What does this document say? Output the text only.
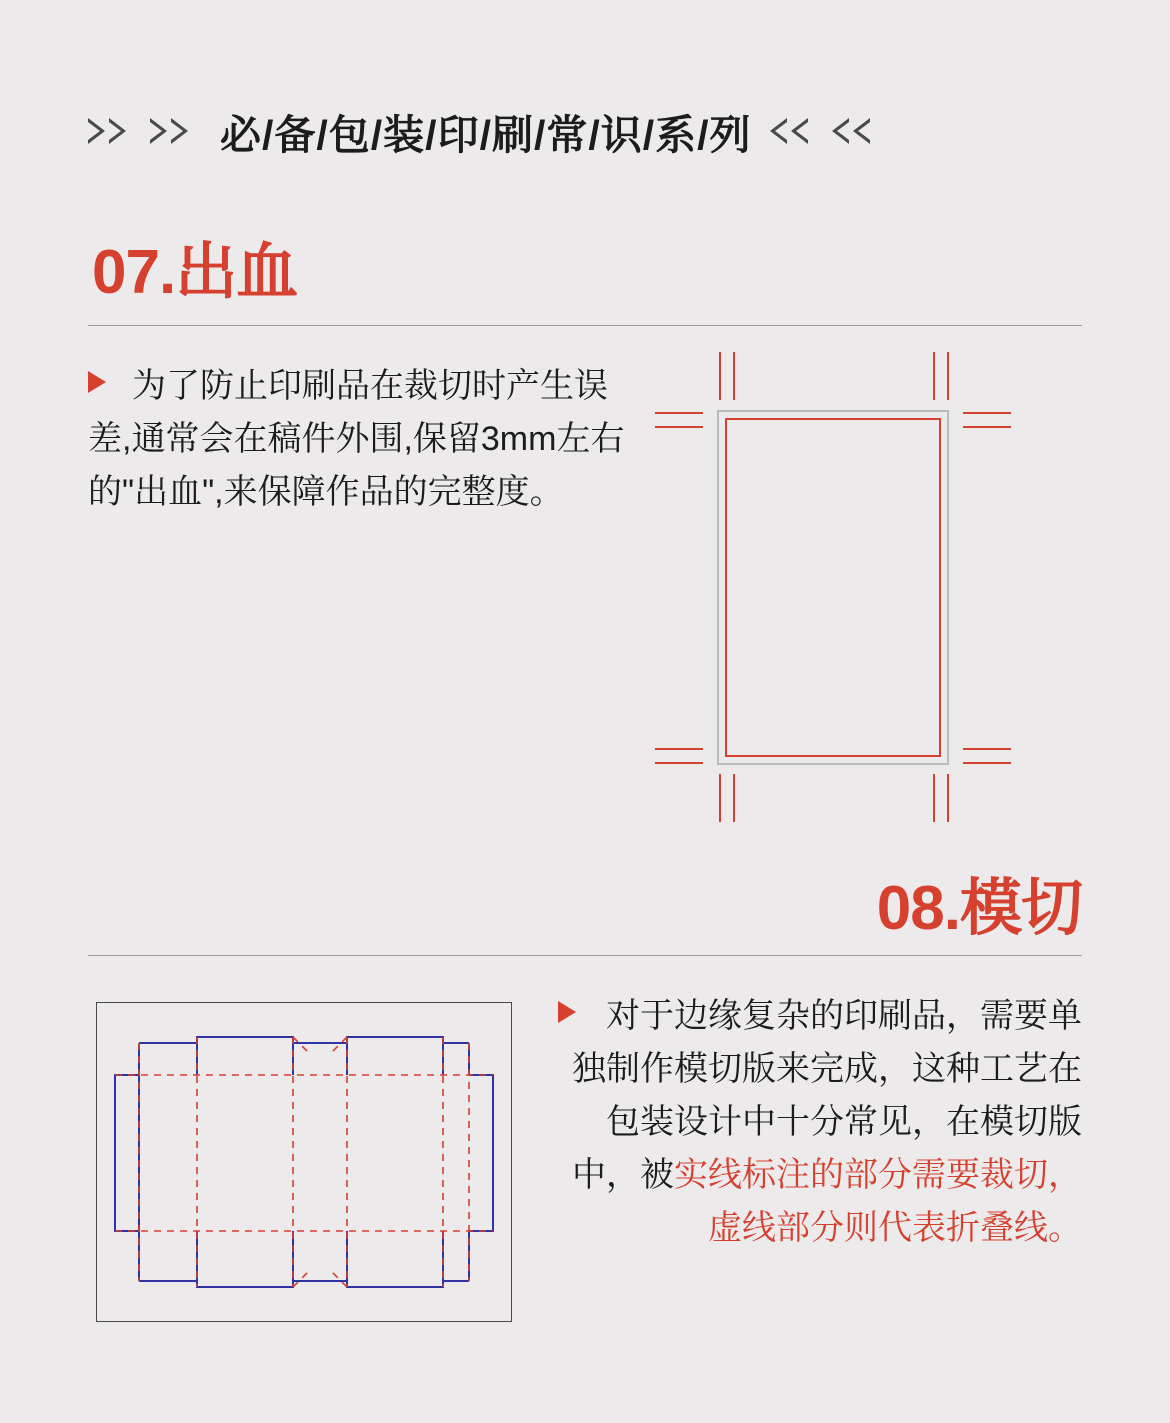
必/备/包/装/印/刷/常/识/系/列
07.出血
为了防止印刷品在裁切时产生误差,通常会在稿件外围,保留3mm左右的"出血",来保障作品的完整度。
08.模切
对于边缘复杂的印刷品，需要单独制作模切版来完成，这种工艺在包装设计中十分常见，在模切版中，被实线标注的部分需要裁切，虚线部分则代表折叠线。
